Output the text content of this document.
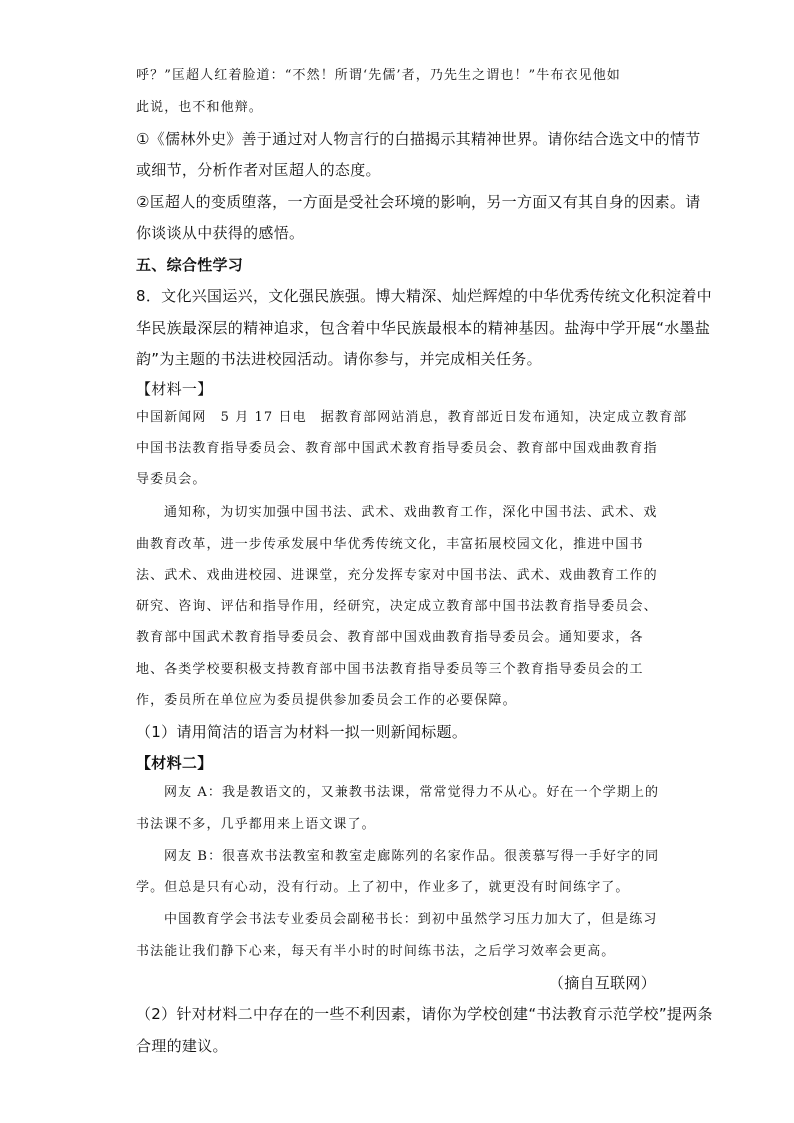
呼？”匡超人红着脸道：“不然！所谓‘先儒’者，乃先生之谓也！”牛布衣见他如
此说，也不和他辩。
①《儒林外史》善于通过对人物言行的白描揭示其精神世界。请你结合选文中的情节
或细节，分析作者对匡超人的态度。
②匡超人的变质堕落，一方面是受社会环境的影响，另一方面又有其自身的因素。请
你谈谈从中获得的感悟。
五、综合性学习
8．文化兴国运兴，文化强民族强。博大精深、灿烂辉煌的中华优秀传统文化积淀着中
华民族最深层的精神追求，包含着中华民族最根本的精神基因。盐海中学开展“水墨盐
韵”为主题的书法进校园活动。请你参与，并完成相关任务。
【材料一】
中国新闻网　5 月 17 日电　据教育部网站消息，教育部近日发布通知，决定成立教育部
中国书法教育指导委员会、教育部中国武术教育指导委员会、教育部中国戏曲教育指
导委员会。
通知称，为切实加强中国书法、武术、戏曲教育工作，深化中国书法、武术、戏
曲教育改革，进一步传承发展中华优秀传统文化，丰富拓展校园文化，推进中国书
法、武术、戏曲进校园、进课堂，充分发挥专家对中国书法、武术、戏曲教育工作的
研究、咨询、评估和指导作用，经研究，决定成立教育部中国书法教育指导委员会、
教育部中国武术教育指导委员会、教育部中国戏曲教育指导委员会。通知要求，各
地、各类学校要积极支持教育部中国书法教育指导委员等三个教育指导委员会的工
作，委员所在单位应为委员提供参加委员会工作的必要保障。
（1）请用简洁的语言为材料一拟一则新闻标题。
【材料二】
网友 A：我是教语文的，又兼教书法课，常常觉得力不从心。好在一个学期上的
书法课不多，几乎都用来上语文课了。
网友 B：很喜欢书法教室和教室走廊陈列的名家作品。很羡慕写得一手好字的同
学。但总是只有心动，没有行动。上了初中，作业多了，就更没有时间练字了。
中国教育学会书法专业委员会副秘书长：到初中虽然学习压力加大了，但是练习
书法能让我们静下心来，每天有半小时的时间练书法，之后学习效率会更高。
（摘自互联网）
（2）针对材料二中存在的一些不利因素，请你为学校创建“书法教育示范学校”提两条
合理的建议。
